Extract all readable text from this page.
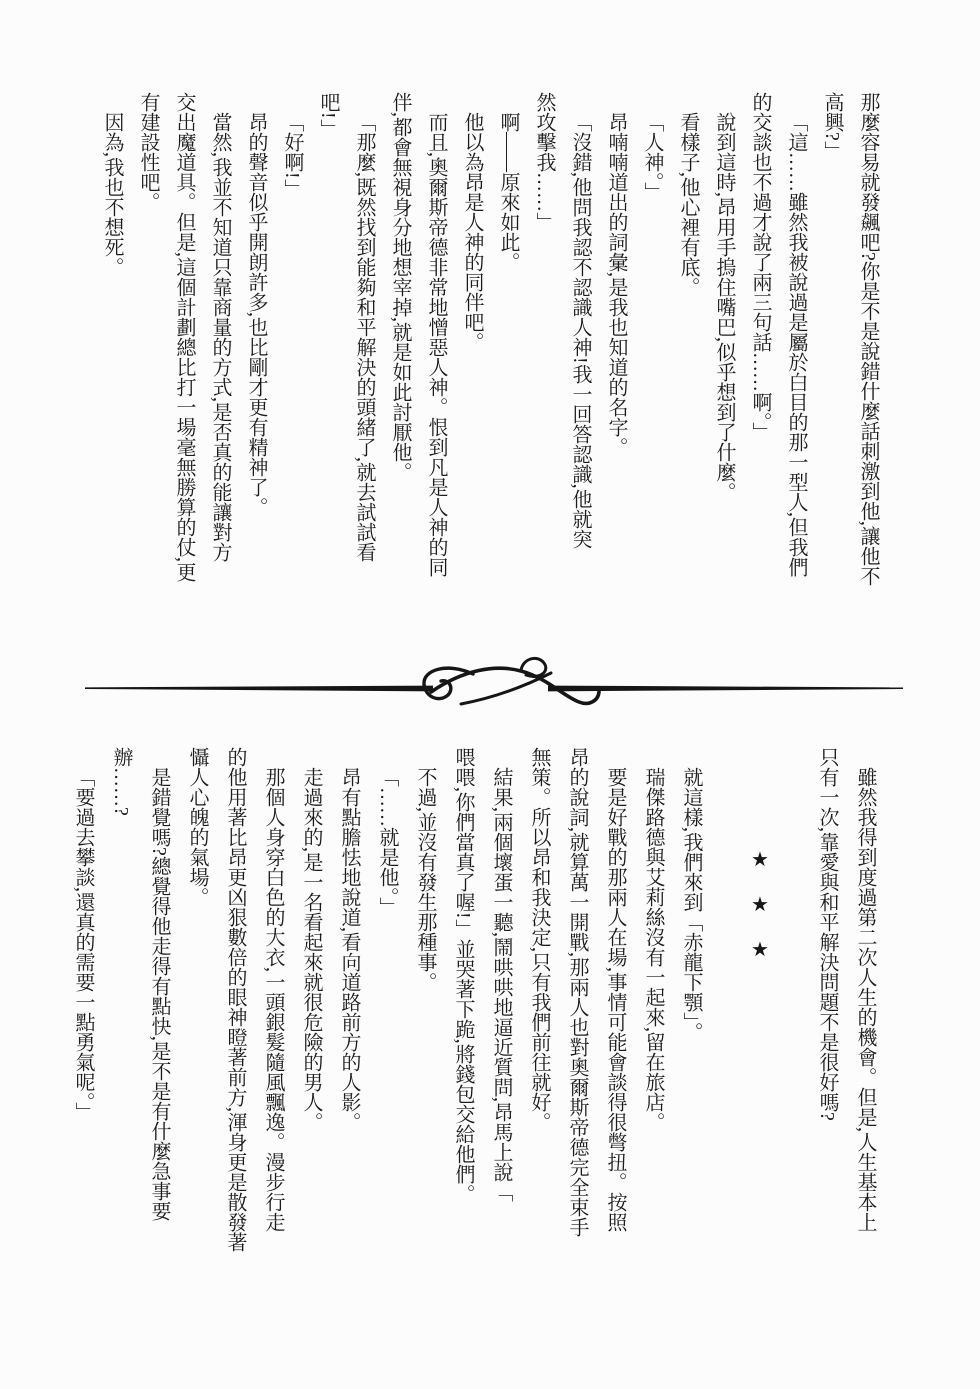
那麼容易就發飆吧?你是不是說錯什麼話刺激到他,讓他不

高興?」

「這……雖然我被說過是屬於白目的那一型人,但我們

的交談也不過才說了兩三句話……啊。」

說到這時,昂用手摀住嘴巴,似乎想到了什麼。

看樣子,他心裡有底。

「人神。」

昂喃喃道出的詞彙,是我也知道的名字。

「沒錯,他問我認不認識人神!我一回答認識,他就突

然攻擊我……」

啊——原來如此。

他以為昂是人神的同伴吧。

而且,奧爾斯帝德非常地憎惡人神。恨到凡是人神的同

伴,都會無視身分地想宰掉,就是如此討厭他。

「那麼,既然找到能夠和平解決的頭緒了,就去試試看

吧!」

「好啊!」

昂的聲音似乎開朗許多,也比剛才更有精神了。

當然,我並不知道只靠商量的方式,是否真的能讓對方

交出魔道具。但是,這個計劃總比打一場毫無勝算的仗,更

有建設性吧。

因為,我也不想死。

雖然我得到度過第二次人生的機會。但是,人生基本上

只有一次,靠愛與和平解決問題不是很好嗎?

★★★

就這樣,我們來到「赤龍下顎」。

瑞傑路德與艾莉絲沒有一起來,留在旅店。

要是好戰的那兩人在場,事情可能會談得很彆扭。按照

昂的說詞,就算萬一開戰,那兩人也對奧爾斯帝德完全束手

無策。所以昂和我決定,只有我們前往就好。

結果,兩個壞蛋一聽,鬧哄哄地逼近質問,昂馬上說「

喂喂,你們當真了喔!」並哭著下跪,將錢包交給他們。

不過,並沒有發生那種事。

「……就是他。」

昂有點膽怯地說道,看向道路前方的人影。

走過來的,是一名看起來就很危險的男人。

那個人身穿白色的大衣,一頭銀髮隨風飄逸。漫步行走

的他用著比昂更凶狠數倍的眼神瞪著前方,渾身更是散發著

懾人心魄的氣場。

是錯覺嗎?總覺得他走得有點快,是不是有什麼急事要

辦……?

「要過去攀談,還真的需要一點勇氣呢。」
